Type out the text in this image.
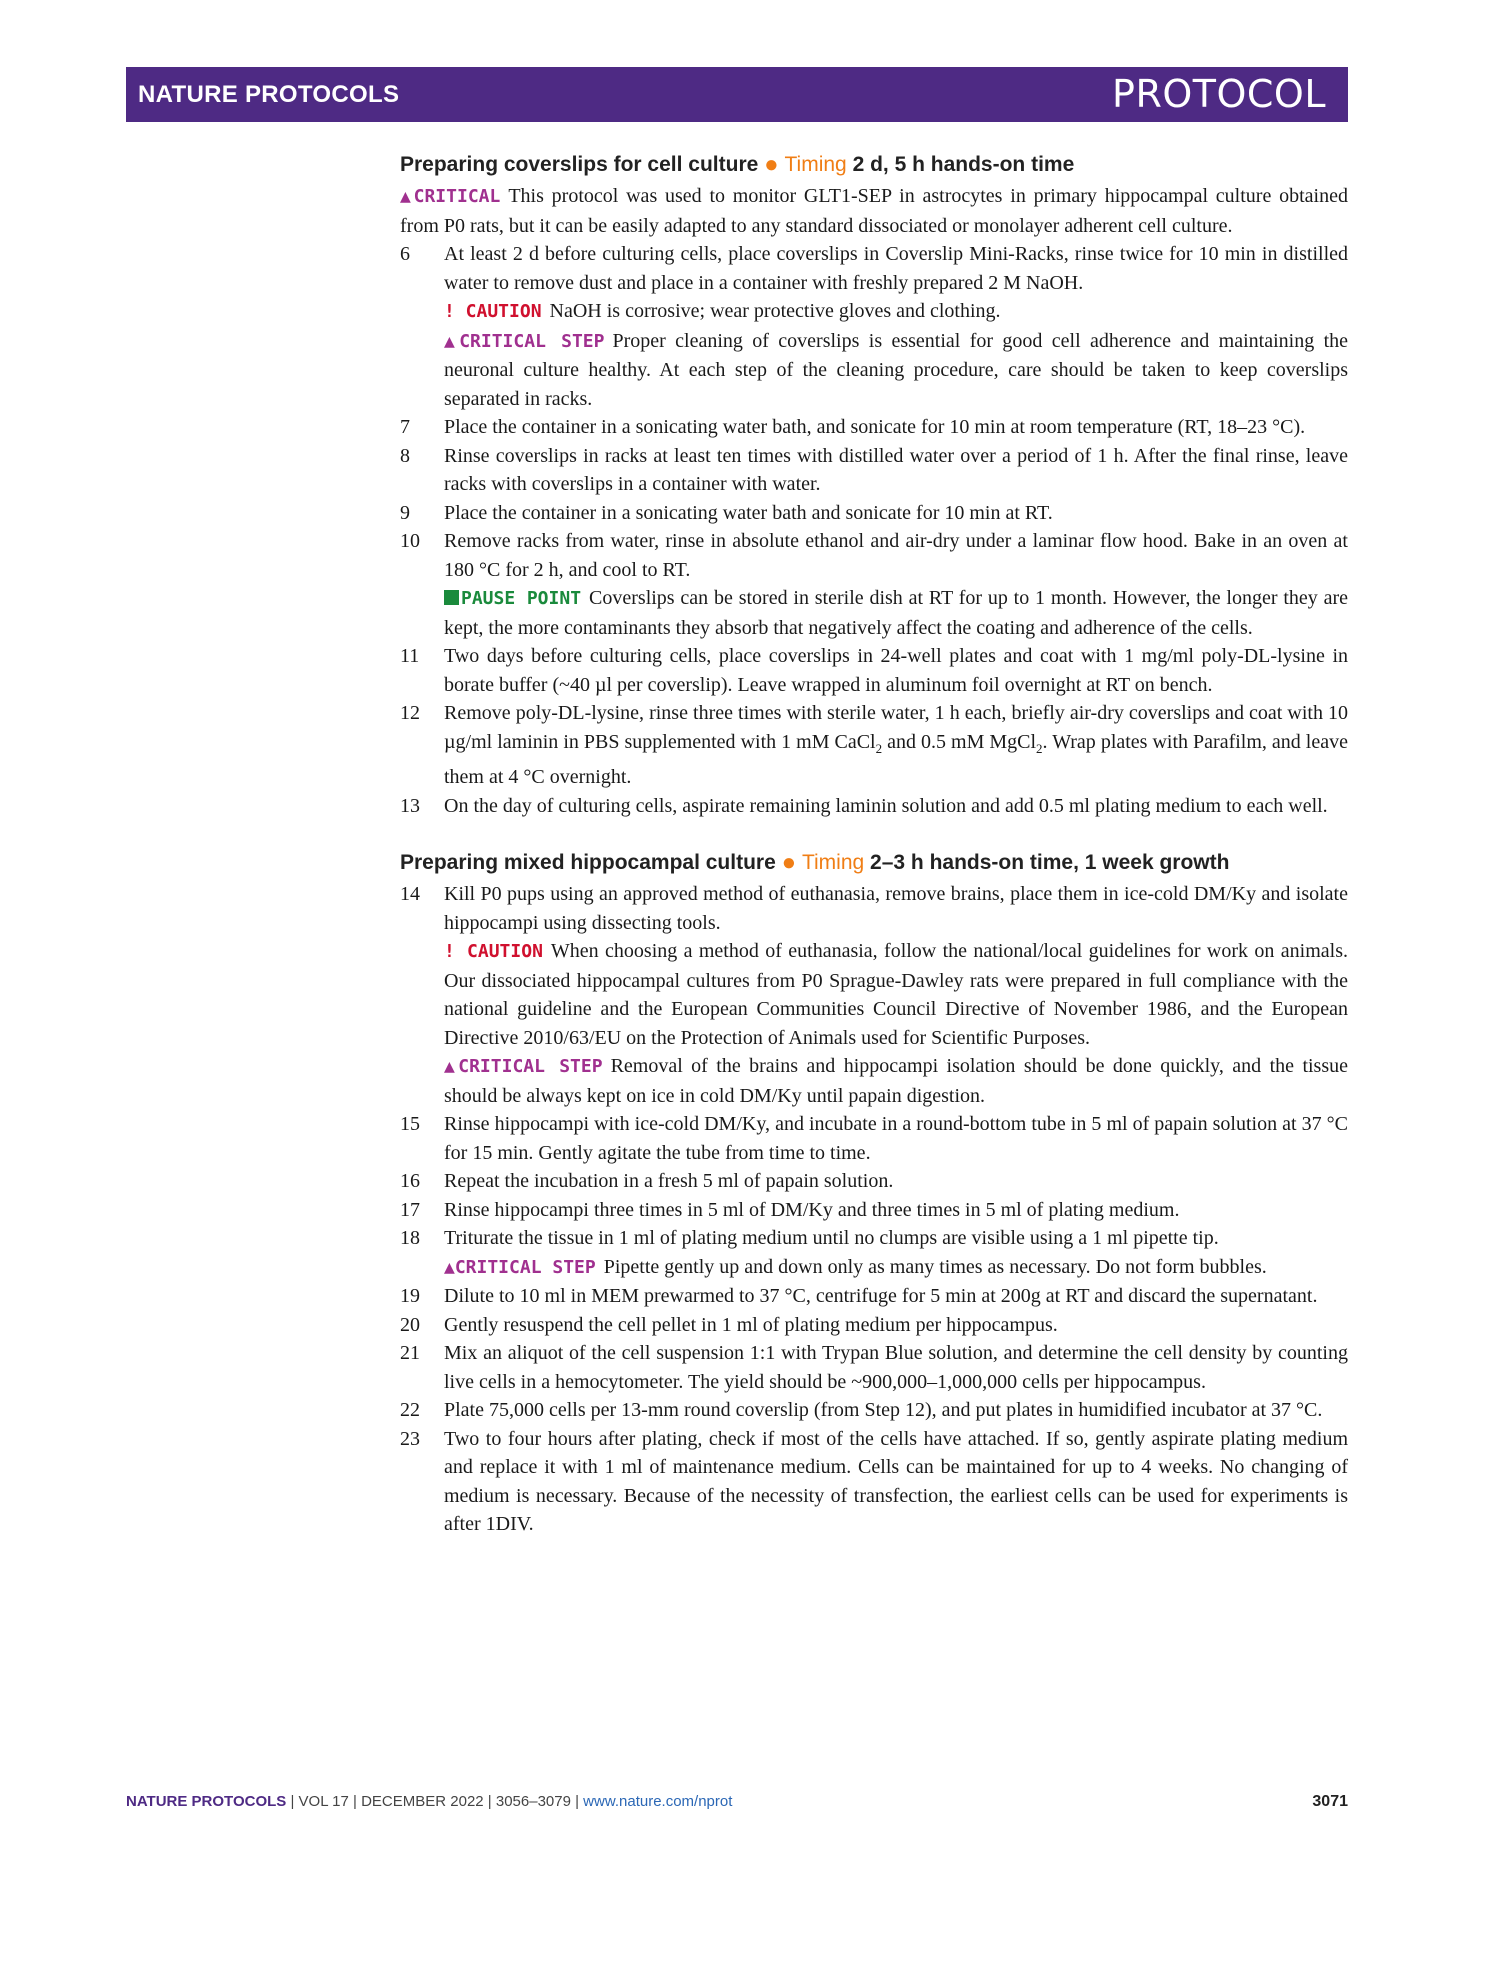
NATURE PROTOCOLS	PROTOCOL
Preparing coverslips for cell culture ● Timing 2 d, 5 h hands-on time

▲CRITICAL This protocol was used to monitor GLT1-SEP in astrocytes in primary hippocampal culture obtained from P0 rats, but it can be easily adapted to any standard dissociated or monolayer adherent cell culture.

6	At least 2 d before culturing cells, place coverslips in Coverslip Mini-Racks, rinse twice for 10 min in distilled water to remove dust and place in a container with freshly prepared 2 M NaOH.
! CAUTION NaOH is corrosive; wear protective gloves and clothing.
▲CRITICAL STEP Proper cleaning of coverslips is essential for good cell adherence and maintaining the neuronal culture healthy. At each step of the cleaning procedure, care should be taken to keep coverslips separated in racks.
7	Place the container in a sonicating water bath, and sonicate for 10 min at room temperature (RT, 18–23 °C).
8	Rinse coverslips in racks at least ten times with distilled water over a period of 1 h. After the final rinse, leave racks with coverslips in a container with water.
9	Place the container in a sonicating water bath and sonicate for 10 min at RT.
10	Remove racks from water, rinse in absolute ethanol and air-dry under a laminar flow hood. Bake in an oven at 180 °C for 2 h, and cool to RT.
PAUSE POINT Coverslips can be stored in sterile dish at RT for up to 1 month. However, the longer they are kept, the more contaminants they absorb that negatively affect the coating and adherence of the cells.
11	Two days before culturing cells, place coverslips in 24-well plates and coat with 1 mg/ml poly-DL-lysine in borate buffer (~40 µl per coverslip). Leave wrapped in aluminum foil overnight at RT on bench.
12	Remove poly-DL-lysine, rinse three times with sterile water, 1 h each, briefly air-dry coverslips and coat with 10 µg/ml laminin in PBS supplemented with 1 mM CaCl$_2$ and 0.5 mM MgCl$_2$. Wrap plates with Parafilm, and leave them at 4 °C overnight.
13	On the day of culturing cells, aspirate remaining laminin solution and add 0.5 ml plating medium to each well.
Preparing mixed hippocampal culture ● Timing 2–3 h hands-on time, 1 week growth
14	Kill P0 pups using an approved method of euthanasia, remove brains, place them in ice-cold DM/Ky and isolate hippocampi using dissecting tools.
! CAUTION When choosing a method of euthanasia, follow the national/local guidelines for work on animals. Our dissociated hippocampal cultures from P0 Sprague-Dawley rats were prepared in full compliance with the national guideline and the European Communities Council Directive of November 1986, and the European Directive 2010/63/EU on the Protection of Animals used for Scientific Purposes.
▲CRITICAL STEP Removal of the brains and hippocampi isolation should be done quickly, and the tissue should be always kept on ice in cold DM/Ky until papain digestion.
15	Rinse hippocampi with ice-cold DM/Ky, and incubate in a round-bottom tube in 5 ml of papain solution at 37 °C for 15 min. Gently agitate the tube from time to time.
16	Repeat the incubation in a fresh 5 ml of papain solution.
17	Rinse hippocampi three times in 5 ml of DM/Ky and three times in 5 ml of plating medium.
18	Triturate the tissue in 1 ml of plating medium until no clumps are visible using a 1 ml pipette tip.
▲CRITICAL STEP Pipette gently up and down only as many times as necessary. Do not form bubbles.
19	Dilute to 10 ml in MEM prewarmed to 37 °C, centrifuge for 5 min at 200g at RT and discard the supernatant.
20	Gently resuspend the cell pellet in 1 ml of plating medium per hippocampus.
21	Mix an aliquot of the cell suspension 1:1 with Trypan Blue solution, and determine the cell density by counting live cells in a hemocytometer. The yield should be ~900,000–1,000,000 cells per hippocampus.
22	Plate 75,000 cells per 13-mm round coverslip (from Step 12), and put plates in humidified incubator at 37 °C.
23	Two to four hours after plating, check if most of the cells have attached. If so, gently aspirate plating medium and replace it with 1 ml of maintenance medium. Cells can be maintained for up to 4 weeks. No changing of medium is necessary. Because of the necessity of transfection, the earliest cells can be used for experiments is after 1DIV.
NATURE PROTOCOLS | VOL 17 | DECEMBER 2022 | 3056–3079 | www.nature.com/nprot	3071
